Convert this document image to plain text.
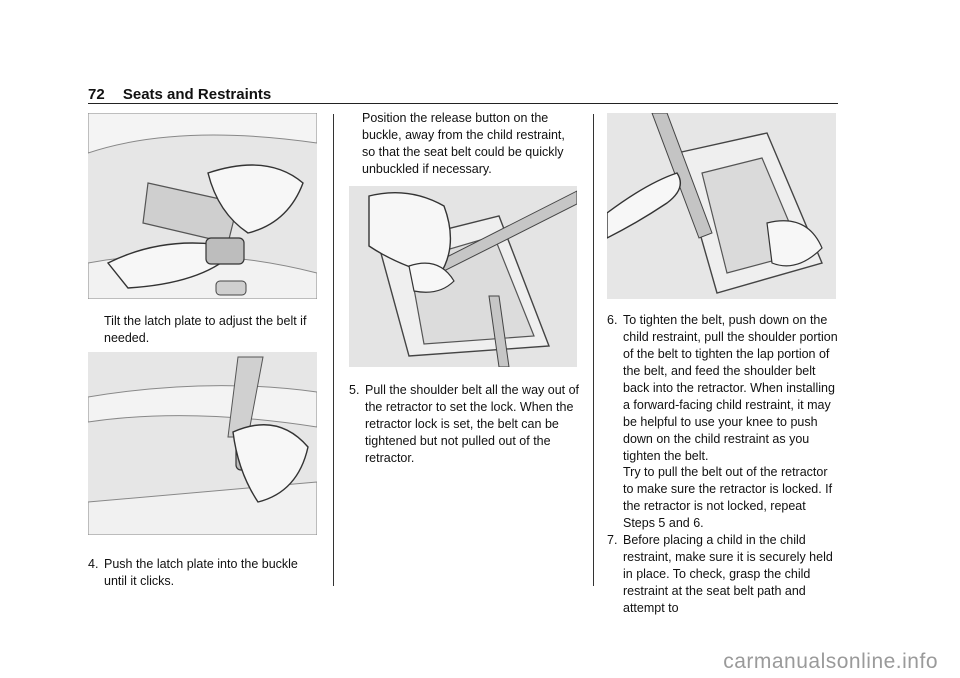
72 Seats and Restraints
Tilt the latch plate to adjust the belt if needed.
4. Push the latch plate into the buckle until it clicks.
Position the release button on the buckle, away from the child restraint, so that the seat belt could be quickly unbuckled if necessary.
5. Pull the shoulder belt all the way out of the retractor to set the lock. When the retractor lock is set, the belt can be tightened but not pulled out of the retractor.
6. To tighten the belt, push down on the child restraint, pull the shoulder portion of the belt to tighten the lap portion of the belt, and feed the shoulder belt back into the retractor. When installing a forward-facing child restraint, it may be helpful to use your knee to push down on the child restraint as you tighten the belt.
Try to pull the belt out of the retractor to make sure the retractor is locked. If the retractor is not locked, repeat Steps 5 and 6.
7. Before placing a child in the child restraint, make sure it is securely held in place. To check, grasp the child restraint at the seat belt path and attempt to
carmanualsonline.info
